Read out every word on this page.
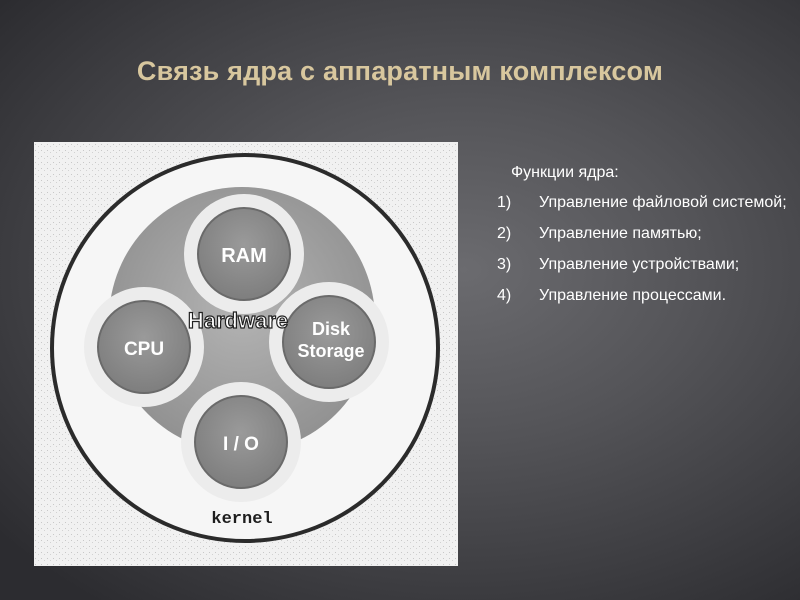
Связь ядра с аппаратным комплексом
RAM
CPU
Disk
Storage
I / O
Hardware
kernel

Функции ядра:

1)	Управление файловой системой;
2)	Управление памятью;
3)	Управление устройствами;
4)	Управление процессами.
